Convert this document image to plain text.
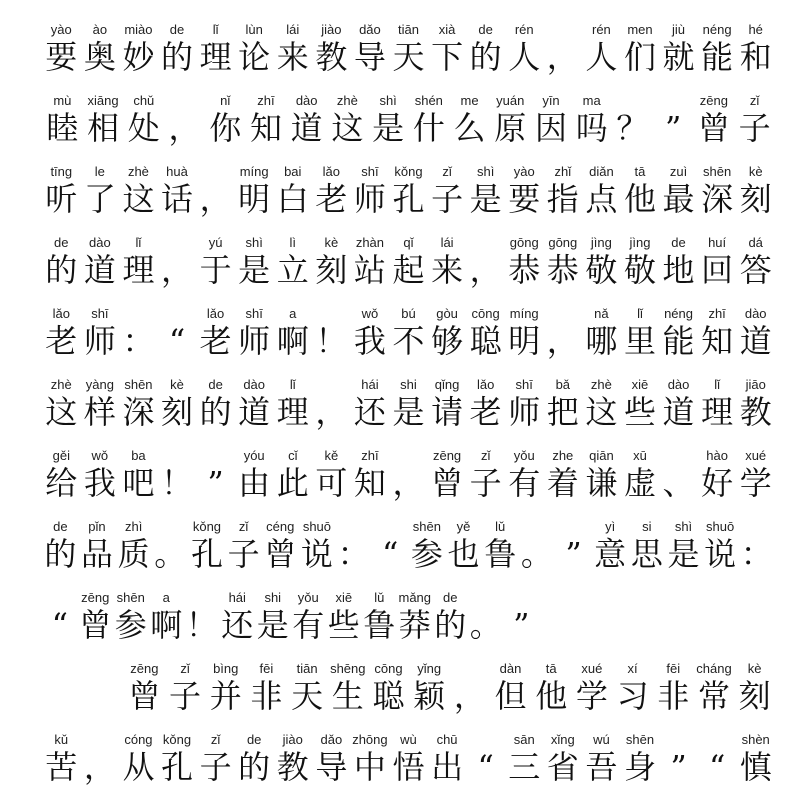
yào
要
ào
奥
miào
妙
de
的
lǐ
理
lùn
论
lái
来
jiào
教
dǎo
导
tiān
天
xià
下
de
的
rén
人 ，
rén
人
men
们
jiù
就
néng
能
hé
和
mù
睦
xiāng
相
chǔ
处 ，
nǐ
你
zhī
知
dào
道
zhè
这
shì
是
shén
什
me
么
yuán
原
yīn
因
ma
吗 ？ ”
zēng
曾
zǐ
子
tīng
听
le
了
zhè
这
huà
话 ，
míng
明
bai
白
lǎo
老
shī
师
kǒng
孔
zǐ
子
shì
是
yào
要
zhǐ
指
diǎn
点
tā
他
zuì
最
shēn
深
kè
刻
de
的
dào
道
lǐ
理 ，
yú
于
shì
是
lì
立
kè
刻
zhàn
站
qǐ
起
lái
来 ，
gōng
恭
gōng
恭
jìng
敬
jìng
敬
de
地
huí
回
dá
答
lǎo
老
shī
师 ： “
lǎo
老
shī
师
a
啊 ！
wǒ
我
bú
不
gòu
够
cōng
聪
míng
明 ，
nǎ
哪
lǐ
里
néng
能
zhī
知
dào
道
zhè
这
yàng
样
shēn
深
kè
刻
de
的
dào
道
lǐ
理 ，
hái
还
shi
是
qǐng
请
lǎo
老
shī
师
bǎ
把
zhè
这
xiē
些
dào
道
lǐ
理
jiāo
教
gěi
给
wǒ
我
ba
吧 ！ ”
yóu
由
cǐ
此
kě
可
zhī
知 ，
zēng
曾
zǐ
子
yǒu
有
zhe
着
qiān
谦
xū
虚 、
hào
好
xué
学
de
的
pǐn
品
zhì
质 。
kǒng
孔
zǐ
子
céng
曾
shuō
说 ： “
shēn
参
yě
也
lǔ
鲁 。 ”
yì
意
si
思
shì
是
shuō
说 ：
“
zēng
曾
shēn
参
a
啊 ！
hái
还
shi
是
yǒu
有
xiē
些
lǔ
鲁
mǎng
莽
de
的 。 ”
zēng
曾
zǐ
子
bìng
并
fēi
非
tiān
天
shēng
生
cōng
聪
yǐng
颖 ，
dàn
但
tā
他
xué
学
xí
习
fēi
非
cháng
常
kè
刻
kǔ
苦 ，
cóng
从
kǒng
孔
zǐ
子
de
的
jiào
教
dǎo
导
zhōng
中
wù
悟
chū
出 “
sān
三
xǐng
省
wú
吾
shēn
身 ” “
shèn
慎
